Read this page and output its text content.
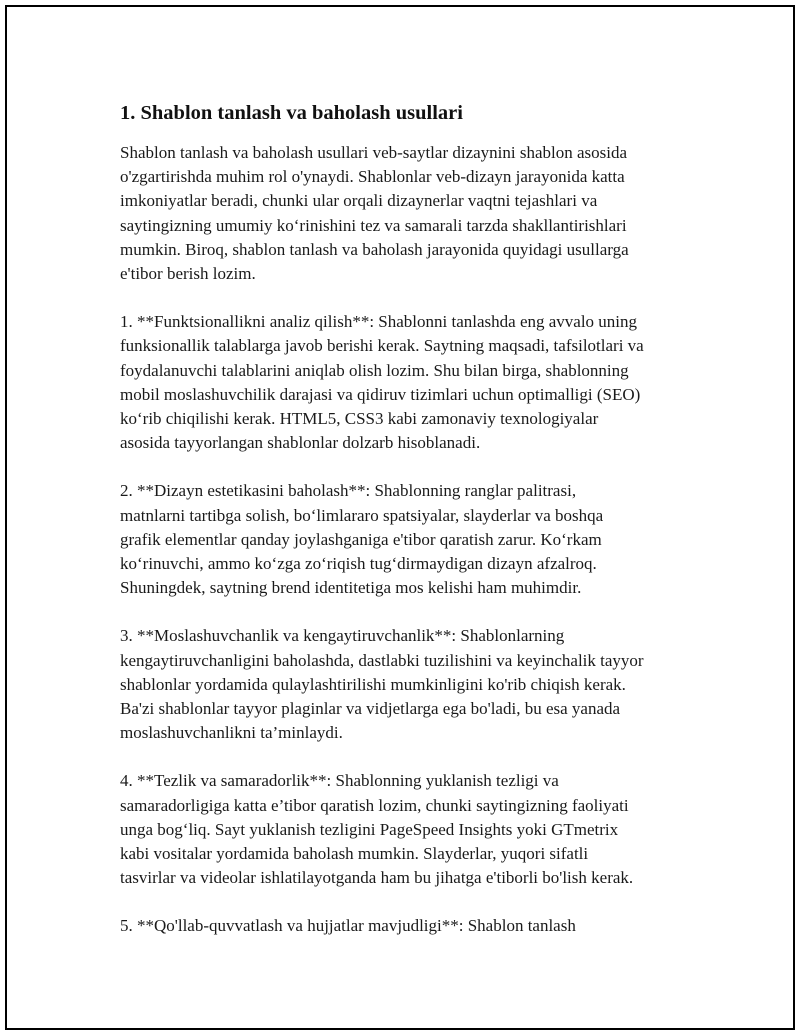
1. Shablon tanlash va baholash usullari

Shablon tanlash va baholash usullari veb-saytlar dizaynini shablon asosida
o'zgartirishda muhim rol o'ynaydi. Shablonlar veb-dizayn jarayonida katta
imkoniyatlar beradi, chunki ular orqali dizaynerlar vaqtni tejashlari va
saytingizning umumiy ko‘rinishini tez va samarali tarzda shakllantirishlari
mumkin. Biroq, shablon tanlash va baholash jarayonida quyidagi usullarga
e'tibor berish lozim.

1. **Funktsionallikni analiz qilish**: Shablonni tanlashda eng avvalo uning
funksionallik talablarga javob berishi kerak. Saytning maqsadi, tafsilotlari va
foydalanuvchi talablarini aniqlab olish lozim. Shu bilan birga, shablonning
mobil moslashuvchilik darajasi va qidiruv tizimlari uchun optimalligi (SEO)
ko‘rib chiqilishi kerak. HTML5, CSS3 kabi zamonaviy texnologiyalar
asosida tayyorlangan shablonlar dolzarb hisoblanadi.

2. **Dizayn estetikasini baholash**: Shablonning ranglar palitrasi,
matnlarni tartibga solish, bo‘limlararo spatsiyalar, slayderlar va boshqa
grafik elementlar qanday joylashganiga e'tibor qaratish zarur. Ko‘rkam
ko‘rinuvchi, ammo ko‘zga zo‘riqish tug‘dirmaydigan dizayn afzalroq.
Shuningdek, saytning brend identitetiga mos kelishi ham muhimdir.

3. **Moslashuvchanlik va kengaytiruvchanlik**: Shablonlarning
kengaytiruvchanligini baholashda, dastlabki tuzilishini va keyinchalik tayyor
shablonlar yordamida qulaylashtirilishi mumkinligini ko'rib chiqish kerak.
Ba'zi shablonlar tayyor plaginlar va vidjetlarga ega bo'ladi, bu esa yanada
moslashuvchanlikni ta’minlaydi.

4. **Tezlik va samaradorlik**: Shablonning yuklanish tezligi va
samaradorligiga katta e’tibor qaratish lozim, chunki saytingizning faoliyati
unga bog‘liq. Sayt yuklanish tezligini PageSpeed Insights yoki GTmetrix
kabi vositalar yordamida baholash mumkin. Slayderlar, yuqori sifatli
tasvirlar va videolar ishlatilayotganda ham bu jihatga e'tiborli bo'lish kerak.

5. **Qo'llab-quvvatlash va hujjatlar mavjudligi**: Shablon tanlash
